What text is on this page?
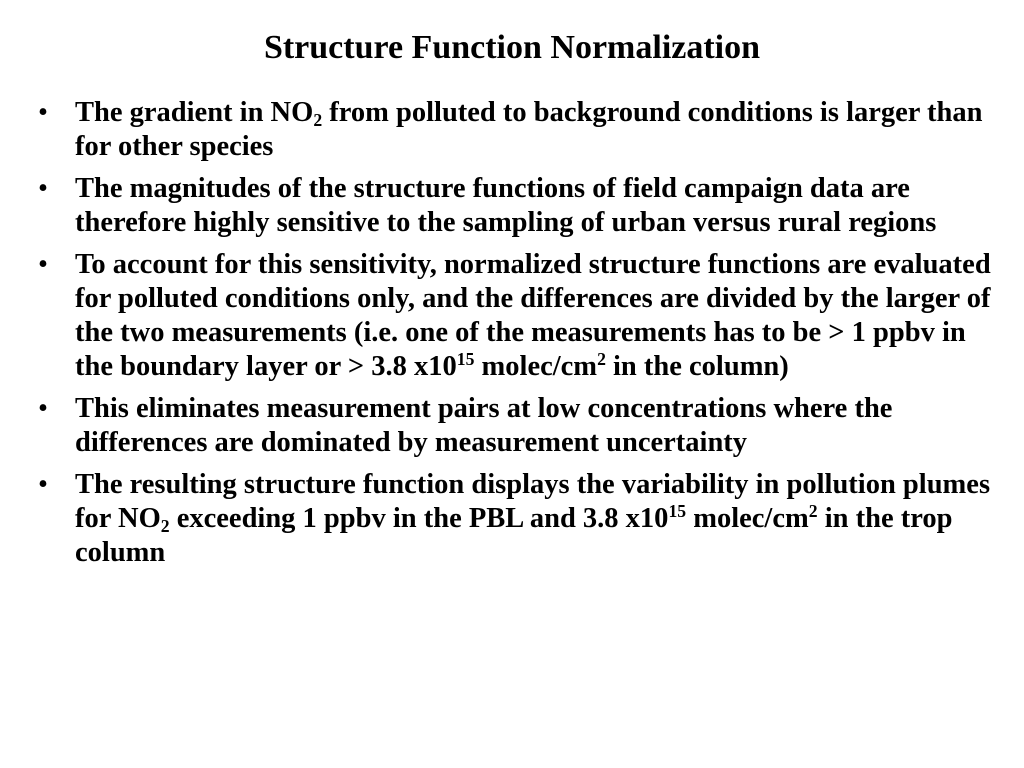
Structure Function Normalization
• The gradient in $NO_2$ from polluted to background conditions is larger than for other species
• The magnitudes of the structure functions of field campaign data are therefore highly sensitive to the sampling of urban versus rural regions
• To account for this sensitivity, normalized structure functions are evaluated for polluted conditions only, and the differences are divided by the larger of the two measurements (i.e. one of the measurements has to be > 1 ppbv in the boundary layer or > 3.8 $x10^{15}$ molec/$cm^2$ in the column)
• This eliminates measurement pairs at low concentrations where the differences are dominated by measurement uncertainty
• The resulting structure function displays the variability in pollution plumes for $NO_2$ exceeding 1 ppbv in the PBL and 3.8 $x10^{15}$ molec/$cm^2$ in the trop column
